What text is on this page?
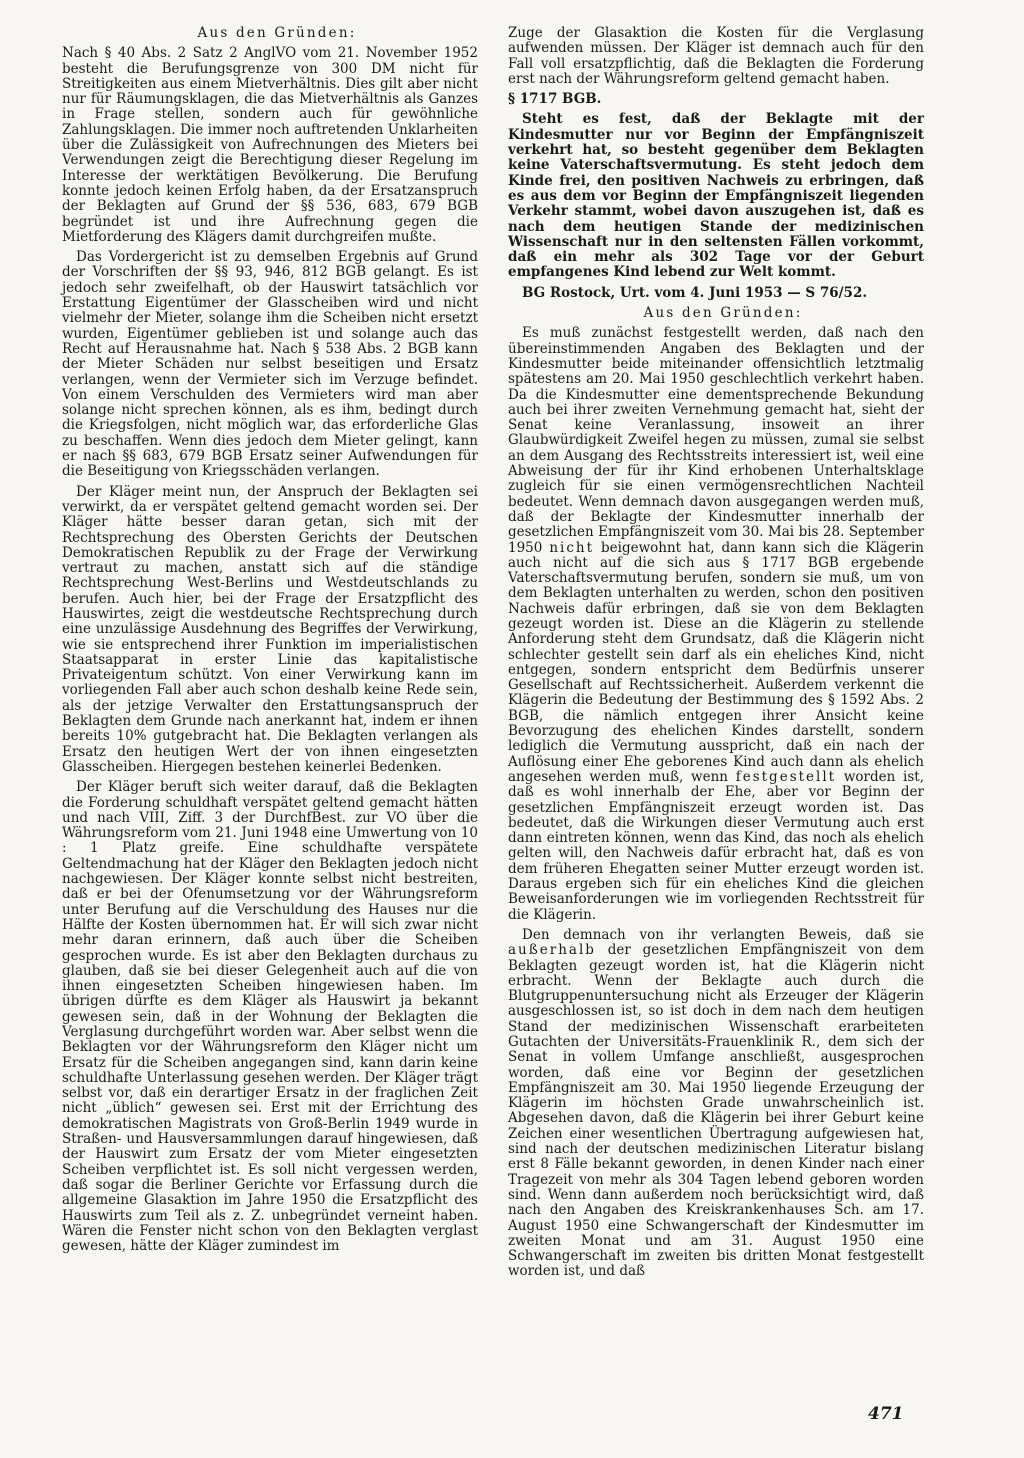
Aus den Gründen:

Nach § 40 Abs. 2 Satz 2 AnglVO vom 21. November 1952 besteht die Berufungsgrenze von 300 DM nicht für Streitigkeiten aus einem Mietverhältnis. Dies gilt aber nicht nur für Räumungsklagen, die das Mietverhältnis als Ganzes in Frage stellen, sondern auch für gewöhnliche Zahlungsklagen. Die immer noch auftretenden Unklarheiten über die Zulässigkeit von Aufrechnungen des Mieters bei Verwendungen zeigt die Berechtigung dieser Regelung im Interesse der werktätigen Bevölkerung. Die Berufung konnte jedoch keinen Erfolg haben, da der Ersatzanspruch der Beklagten auf Grund der §§ 536, 683, 679 BGB begründet ist und ihre Aufrechnung gegen die Mietforderung des Klägers damit durchgreifen mußte.

Das Vordergericht ist zu demselben Ergebnis auf Grund der Vorschriften der §§ 93, 946, 812 BGB gelangt. Es ist jedoch sehr zweifelhaft, ob der Hauswirt tatsächlich vor Erstattung Eigentümer der Glasscheiben wird und nicht vielmehr der Mieter, solange ihm die Scheiben nicht ersetzt wurden, Eigentümer geblieben ist und solange auch das Recht auf Herausnahme hat. Nach § 538 Abs. 2 BGB kann der Mieter Schäden nur selbst beseitigen und Ersatz verlangen, wenn der Vermieter sich im Verzuge befindet. Von einem Verschulden des Vermieters wird man aber solange nicht sprechen können, als es ihm, bedingt durch die Kriegsfolgen, nicht möglich war, das erforderliche Glas zu beschaffen. Wenn dies jedoch dem Mieter gelingt, kann er nach §§ 683, 679 BGB Ersatz seiner Aufwendungen für die Beseitigung von Kriegsschäden verlangen.

Der Kläger meint nun, der Anspruch der Beklagten sei verwirkt, da er verspätet geltend gemacht worden sei. Der Kläger hätte besser daran getan, sich mit der Rechtsprechung des Obersten Gerichts der Deutschen Demokratischen Republik zu der Frage der Verwirkung vertraut zu machen, anstatt sich auf die ständige Rechtsprechung West-Berlins und Westdeutschlands zu berufen. Auch hier, bei der Frage der Ersatzpflicht des Hauswirtes, zeigt die westdeutsche Rechtsprechung durch eine unzulässige Ausdehnung des Begriffes der Verwirkung, wie sie entsprechend ihrer Funktion im imperialistischen Staatsapparat in erster Linie das kapitalistische Privateigentum schützt. Von einer Verwirkung kann im vorliegenden Fall aber auch schon deshalb keine Rede sein, als der jetzige Verwalter den Erstattungsanspruch der Beklagten dem Grunde nach anerkannt hat, indem er ihnen bereits 10% gutgebracht hat. Die Beklagten verlangen als Ersatz den heutigen Wert der von ihnen eingesetzten Glasscheiben. Hiergegen bestehen keinerlei Bedenken.

Der Kläger beruft sich weiter darauf, daß die Beklagten die Forderung schuldhaft verspätet geltend gemacht hätten und nach VIII, Ziff. 3 der DurchfBest. zur VO über die Währungsreform vom 21. Juni 1948 eine Umwertung von 10 : 1 Platz greife. Eine schuldhafte verspätete Geltendmachung hat der Kläger den Beklagten jedoch nicht nachgewiesen. Der Kläger konnte selbst nicht bestreiten, daß er bei der Ofenumsetzung vor der Währungsreform unter Berufung auf die Verschuldung des Hauses nur die Hälfte der Kosten übernommen hat. Er will sich zwar nicht mehr daran erinnern, daß auch über die Scheiben gesprochen wurde. Es ist aber den Beklagten durchaus zu glauben, daß sie bei dieser Gelegenheit auch auf die von ihnen eingesetzten Scheiben hingewiesen haben. Im übrigen dürfte es dem Kläger als Hauswirt ja bekannt gewesen sein, daß in der Wohnung der Beklagten die Verglasung durchgeführt worden war. Aber selbst wenn die Beklagten vor der Währungsreform den Kläger nicht um Ersatz für die Scheiben angegangen sind, kann darin keine schuldhafte Unterlassung gesehen werden. Der Kläger trägt selbst vor, daß ein derartiger Ersatz in der fraglichen Zeit nicht „üblich“ gewesen sei. Erst mit der Errichtung des demokratischen Magistrats von Groß-Berlin 1949 wurde in Straßen- und Hausversammlungen darauf hingewiesen, daß der Hauswirt zum Ersatz der vom Mieter eingesetzten Scheiben verpflichtet ist. Es soll nicht vergessen werden, daß sogar die Berliner Gerichte vor Erfassung durch die allgemeine Glasaktion im Jahre 1950 die Ersatzpflicht des Hauswirts zum Teil als z. Z. unbegründet verneint haben. Wären die Fenster nicht schon von den Beklagten verglast gewesen, hätte der Kläger zumindest im

Zuge der Glasaktion die Kosten für die Verglasung aufwenden müssen. Der Kläger ist demnach auch für den Fall voll ersatzpflichtig, daß die Beklagten die Forderung erst nach der Währungsreform geltend gemacht haben.

§ 1717 BGB.

Steht es fest, daß der Beklagte mit der Kindesmutter nur vor Beginn der Empfängniszeit verkehrt hat, so besteht gegenüber dem Beklagten keine Vaterschaftsvermutung. Es steht jedoch dem Kinde frei, den positiven Nachweis zu erbringen, daß es aus dem vor Beginn der Empfängniszeit liegenden Verkehr stammt, wobei davon auszugehen ist, daß es nach dem heutigen Stande der medizinischen Wissenschaft nur in den seltensten Fällen vorkommt, daß ein mehr als 302 Tage vor der Geburt empfangenes Kind lebend zur Welt kommt.

BG Rostock, Urt. vom 4. Juni 1953 — S 76/52.

Aus den Gründen:

Es muß zunächst festgestellt werden, daß nach den übereinstimmenden Angaben des Beklagten und der Kindesmutter beide miteinander offensichtlich letztmalig spätestens am 20. Mai 1950 geschlechtlich verkehrt haben. Da die Kindesmutter eine dementsprechende Bekundung auch bei ihrer zweiten Vernehmung gemacht hat, sieht der Senat keine Veranlassung, insoweit an ihrer Glaubwürdigkeit Zweifel hegen zu müssen, zumal sie selbst an dem Ausgang des Rechtsstreits interessiert ist, weil eine Abweisung der für ihr Kind erhobenen Unterhaltsklage zugleich für sie einen vermögensrechtlichen Nachteil bedeutet. Wenn demnach davon ausgegangen werden muß, daß der Beklagte der Kindesmutter innerhalb der gesetzlichen Empfängniszeit vom 30. Mai bis 28. September 1950 nicht beigewohnt hat, dann kann sich die Klägerin auch nicht auf die sich aus § 1717 BGB ergebende Vaterschaftsvermutung berufen, sondern sie muß, um von dem Beklagten unterhalten zu werden, schon den positiven Nachweis dafür erbringen, daß sie von dem Beklagten gezeugt worden ist. Diese an die Klägerin zu stellende Anforderung steht dem Grundsatz, daß die Klägerin nicht schlechter gestellt sein darf als ein eheliches Kind, nicht entgegen, sondern entspricht dem Bedürfnis unserer Gesellschaft auf Rechtssicherheit. Außerdem verkennt die Klägerin die Bedeutung der Bestimmung des § 1592 Abs. 2 BGB, die nämlich entgegen ihrer Ansicht keine Bevorzugung des ehelichen Kindes darstellt, sondern lediglich die Vermutung ausspricht, daß ein nach der Auflösung einer Ehe geborenes Kind auch dann als ehelich angesehen werden muß, wenn festgestellt worden ist, daß es wohl innerhalb der Ehe, aber vor Beginn der gesetzlichen Empfängniszeit erzeugt worden ist. Das bedeutet, daß die Wirkungen dieser Vermutung auch erst dann eintreten können, wenn das Kind, das noch als ehelich gelten will, den Nachweis dafür erbracht hat, daß es von dem früheren Ehegatten seiner Mutter erzeugt worden ist. Daraus ergeben sich für ein eheliches Kind die gleichen Beweisanforderungen wie im vorliegenden Rechtsstreit für die Klägerin.

Den demnach von ihr verlangten Beweis, daß sie außerhalb der gesetzlichen Empfängniszeit von dem Beklagten gezeugt worden ist, hat die Klägerin nicht erbracht. Wenn der Beklagte auch durch die Blutgruppenuntersuchung nicht als Erzeuger der Klägerin ausgeschlossen ist, so ist doch in dem nach dem heutigen Stand der medizinischen Wissenschaft erarbeiteten Gutachten der Universitäts-Frauenklinik R., dem sich der Senat in vollem Umfange anschließt, ausgesprochen worden, daß eine vor Beginn der gesetzlichen Empfängniszeit am 30. Mai 1950 liegende Erzeugung der Klägerin im höchsten Grade unwahrscheinlich ist. Abgesehen davon, daß die Klägerin bei ihrer Geburt keine Zeichen einer wesentlichen Übertragung aufgewiesen hat, sind nach der deutschen medizinischen Literatur bislang erst 8 Fälle bekannt geworden, in denen Kinder nach einer Tragezeit von mehr als 304 Tagen lebend geboren worden sind. Wenn dann außerdem noch berücksichtigt wird, daß nach den Angaben des Kreiskrankenhauses Sch. am 17. August 1950 eine Schwangerschaft der Kindesmutter im zweiten Monat und am 31. August 1950 eine Schwangerschaft im zweiten bis dritten Monat festgestellt worden ist, und daß

471
